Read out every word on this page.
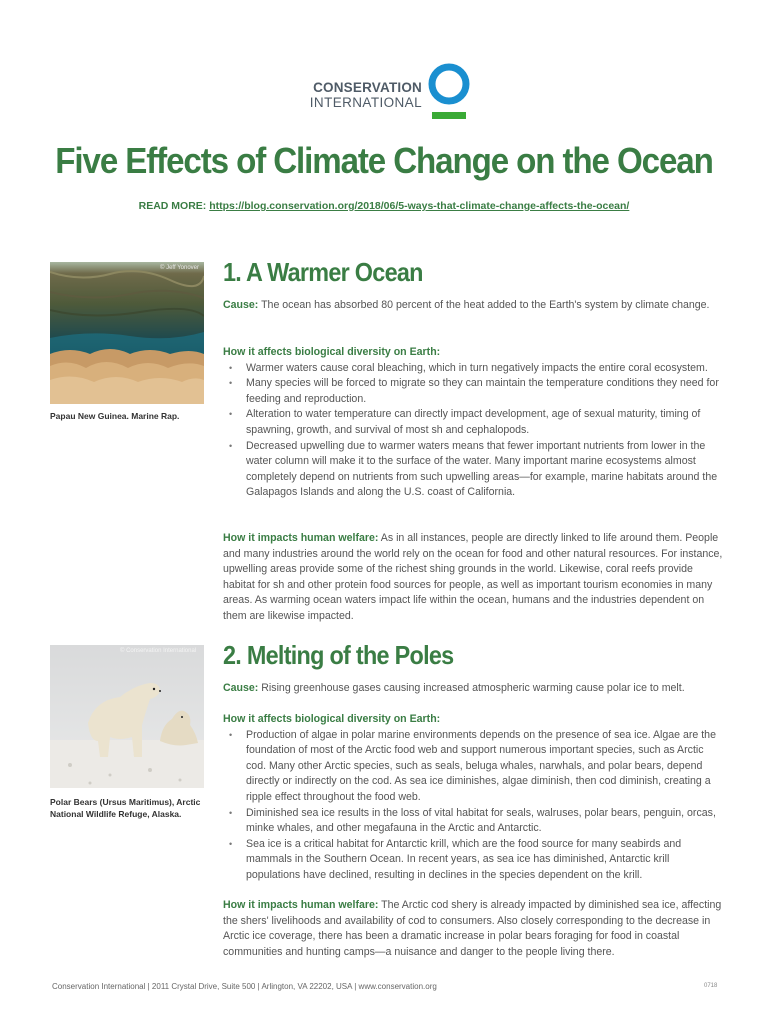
CONSERVATION
INTERNATIONAL
Five Effects of Climate Change on the Ocean
READ MORE: https://blog.conservation.org/2018/06/5-ways-that-climate-change-affects-the-ocean/
© Jeff Yonover
Papau New Guinea. Marine Rap.
1. A Warmer Ocean

Cause: The ocean has absorbed 80 percent of the heat added to the Earth's system by climate change.

How it affects biological diversity on Earth:

• Warmer waters cause coral bleaching, which in turn negatively impacts the entire coral ecosystem.
• Many species will be forced to migrate so they can maintain the temperature conditions they need for feeding and reproduction.
• Alteration to water temperature can directly impact development, age of sexual maturity, timing of spawning, growth, and survival of most sh and cephalopods.
• Decreased upwelling due to warmer waters means that fewer important nutrients from lower in the water column will make it to the surface of the water. Many important marine ecosystems almost completely depend on nutrients from such upwelling areas—for example, marine habitats around the Galapagos Islands and along the U.S. coast of California.

How it impacts human welfare: As in all instances, people are directly linked to life around them. People and many industries around the world rely on the ocean for food and other natural resources. For instance, upwelling areas provide some of the richest shing grounds in the world. Likewise, coral reefs provide habitat for sh and other protein food sources for people, as well as important tourism economies in many areas. As warming ocean waters impact life within the ocean, humans and the industries dependent on them are likewise impacted.

© Conservation International
Polar Bears (Ursus Maritimus), Arctic National Wildlife Refuge, Alaska.
2. Melting of the Poles

Cause: Rising greenhouse gases causing increased atmospheric warming cause polar ice to melt.

How it affects biological diversity on Earth:

• Production of algae in polar marine environments depends on the presence of sea ice. Algae are the foundation of most of the Arctic food web and support numerous important species, such as Arctic cod. Many other Arctic species, such as seals, beluga whales, narwhals, and polar bears, depend directly or indirectly on the cod. As sea ice diminishes, algae diminish, then cod diminish, creating a ripple effect throughout the food web.
• Diminished sea ice results in the loss of vital habitat for seals, walruses, polar bears, penguin, orcas, minke whales, and other megafauna in the Arctic and Antarctic.
• Sea ice is a critical habitat for Antarctic krill, which are the food source for many seabirds and mammals in the Southern Ocean. In recent years, as sea ice has diminished, Antarctic krill populations have declined, resulting in declines in the species dependent on the krill.

How it impacts human welfare: The Arctic cod shery is already impacted by diminished sea ice, affecting the shers' livelihoods and availability of cod to consumers. Also closely corresponding to the decrease in Arctic ice coverage, there has been a dramatic increase in polar bears foraging for food in coastal communities and hunting camps—a nuisance and danger to the people living there.

Conservation International | 2011 Crystal Drive, Suite 500 | Arlington, VA 22202, USA | www.conservation.org	0718
